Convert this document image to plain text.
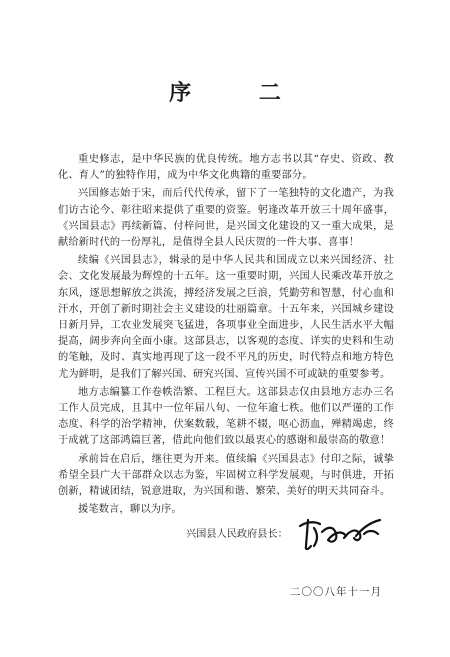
序 二

重史修志，是中华民族的优良传统。地方志书以其“存史、资政、教化、育人”的独特作用，成为中华文化典籍的重要部分。

兴国修志始于宋，而后代代传承，留下了一笔独特的文化遗产，为我们访古论今、彰往昭来提供了重要的资鉴。躬逢改革开放三十周年盛事，《兴国县志》再续新篇、付梓问世，是兴国文化建设的又一重大成果，是献给新时代的一份厚礼，是值得全县人民庆贺的一件大事、喜事！

续编《兴国县志》，辑录的是中华人民共和国成立以来兴国经济、社会、文化发展最为辉煌的十五年。这一重要时期，兴国人民乘改革开放之东风，逐思想解放之洪流，搏经济发展之巨浪，凭勤劳和智慧，付心血和汗水，开创了新时期社会主义建设的壮丽篇章。十五年来，兴国城乡建设日新月异，工农业发展突飞猛进，各项事业全面进步，人民生活水平大幅提高，阔步奔向全面小康。这部县志，以客观的态度、详实的史料和生动的笔触，及时、真实地再现了这一段不平凡的历史，时代特点和地方特色尤为鲜明，是我们了解兴国、研究兴国、宣传兴国不可或缺的重要参考。

地方志编纂工作卷帙浩繁、工程巨大。这部县志仅由县地方志办三名工作人员完成，且其中一位年届八旬、一位年逾七秩。他们以严谨的工作态度、科学的治学精神，伏案数载，笔耕不辍，呕心沥血，殚精竭虑，终于成就了这部鸿篇巨著，借此向他们致以最衷心的感谢和最崇高的敬意！

承前旨在启后，继往更为开来。值续编《兴国县志》付印之际，诚挚希望全县广大干部群众以志为鉴，牢固树立科学发展观，与时俱进，开拓创新，精诚团结，锐意进取，为兴国和谐、繁荣、美好的明天共同奋斗。

援笔数言，聊以为序。

兴国县人民政府县长：
二〇〇八年十一月
